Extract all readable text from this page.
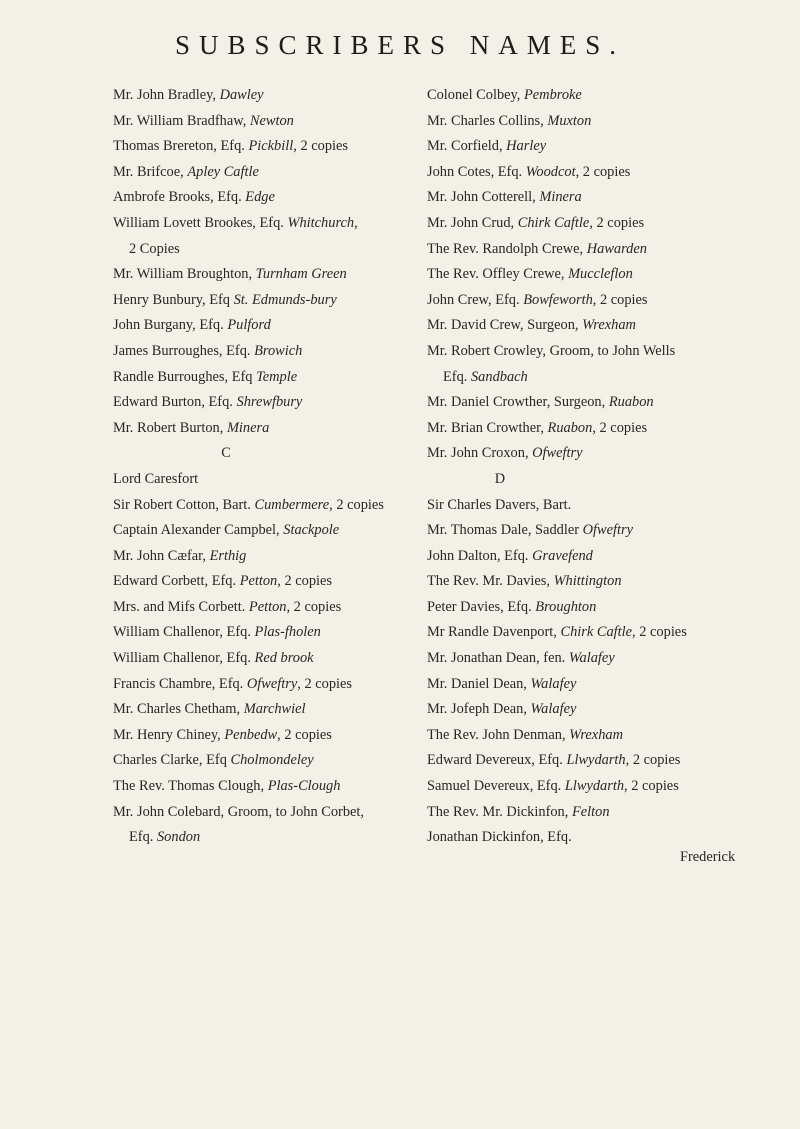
SUBSCRIBERS NAMES.
Mr. John Bradley, Dawley
Mr. William Bradfhaw, Newton
Thomas Brereton, Efq. Pickbill, 2 copies
Mr. Brifcoe, Apley Caftle
Ambrofe Brooks, Efq. Edge
William Lovett Brookes, Efq. Whitchurch,
2 Copies
Mr. William Broughton, Turnham Green
Henry Bunbury, Efq St. Edmunds-bury
John Burgany, Efq. Pulford
James Burroughes, Efq. Browich
Randle Burroughes, Efq Temple
Edward Burton, Efq. Shrewfbury
Mr. Robert Burton, Minera
C
Lord Caresfort
Sir Robert Cotton, Bart. Cumbermere, 2 copies
Captain Alexander Campbel, Stackpole
Mr. John Cæfar, Erthig
Edward Corbett, Efq. Petton, 2 copies
Mrs. and Mifs Corbett. Petton, 2 copies
William Challenor, Efq. Plas-fholen
William Challenor, Efq. Red brook
Francis Chambre, Efq. Ofweftry, 2 copies
Mr. Charles Chetham, Marchwiel
Mr. Henry Chiney, Penbedw, 2 copies
Charles Clarke, Efq Cholmondeley
The Rev. Thomas Clough, Plas-Clough
Mr. John Colebard, Groom, to John Corbet,
Efq. Sondon
Colonel Colbey, Pembroke
Mr. Charles Collins, Muxton
Mr. Corfield, Harley
John Cotes, Efq. Woodcot, 2 copies
Mr. John Cotterell, Minera
Mr. John Crud, Chirk Caftle, 2 copies
The Rev. Randolph Crewe, Hawarden
The Rev. Offley Crewe, Muccleflon
John Crew, Efq. Bowfeworth, 2 copies
Mr. David Crew, Surgeon, Wrexham
Mr. Robert Crowley, Groom, to John Wells
Efq. Sandbach
Mr. Daniel Crowther, Surgeon, Ruabon
Mr. Brian Crowther, Ruabon, 2 copies
Mr. John Croxon, Ofweftry
D
Sir Charles Davers, Bart.
Mr. Thomas Dale, Saddler Ofweftry
John Dalton, Efq. Gravefend
The Rev. Mr. Davies, Whittington
Peter Davies, Efq. Broughton
Mr Randle Davenport, Chirk Caftle, 2 copies
Mr. Jonathan Dean, fen. Walafey
Mr. Daniel Dean, Walafey
Mr. Jofeph Dean, Walafey
The Rev. John Denman, Wrexham
Edward Devereux, Efq. Llwydarth, 2 copies
Samuel Devereux, Efq. Llwydarth, 2 copies
The Rev. Mr. Dickinfon, Felton
Jonathan Dickinfon, Efq.
Frederick
